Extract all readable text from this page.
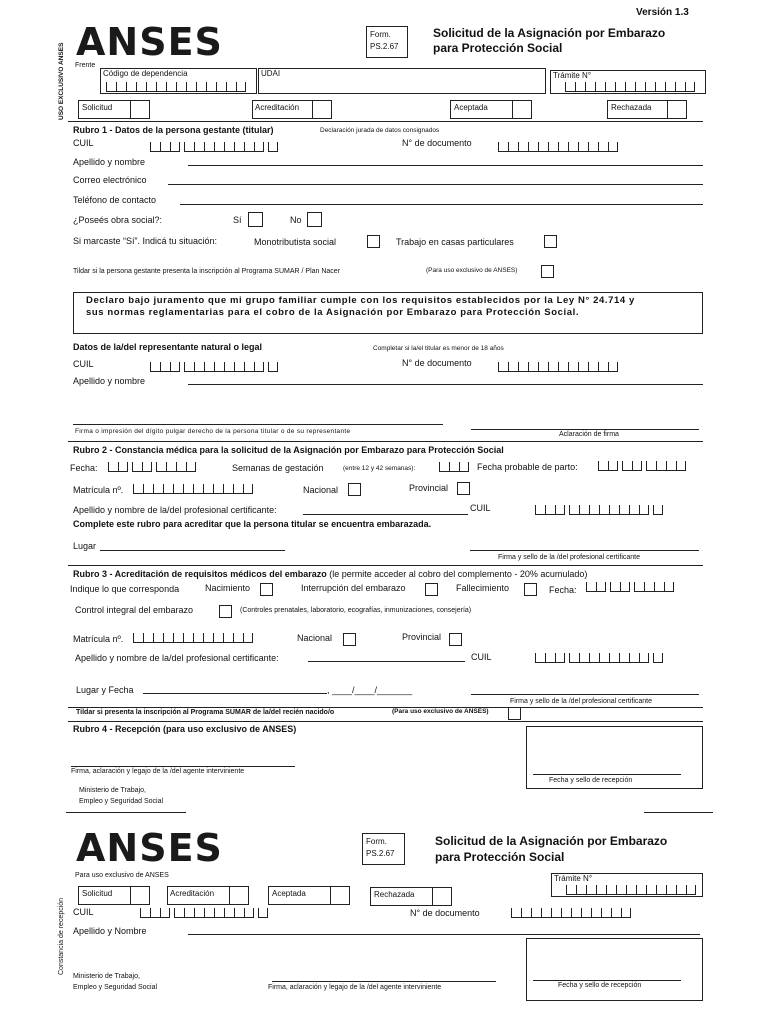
Versión 1.3
ANSES	Form.
PS.2.67
Solicitud de la Asignación por Embarazo
para Protección Social
USO EXCLUSIVO ANSES Frente
Código de dependencia	UDAI	Trámite N°
Solicitud	Acreditación	Aceptada	Rechazada
Rubro 1 - Datos de la persona gestante (titular)	Declaración jurada de datos consignados
CUIL	N° de documento
Apellido y nombre
Correo electrónico
Teléfono de contacto
¿Poseés obra social?:	Sí	No
Si marcaste “Sí”. Indicá tu situación:	Monotributista social	Trabajo en casas particulares
Tildar si la persona gestante presenta la inscripción al Programa SUMAR / Plan Nacer	(Para uso exclusivo de ANSES)
Declaro bajo juramento que mi grupo familiar cumple con los requisitos establecidos por la Ley N° 24.714 y sus normas reglamentarias para el cobro de la Asignación por Embarazo para Protección Social.
Datos de la/del representante natural o legal	Completar si la/el titular es menor de 18 años
CUIL	N° de documento
Apellido y nombre
Firma o impresión del dígito pulgar derecho de la persona titular o de su representante	Aclaración de firma
Rubro 2 - Constancia médica para la solicitud de la Asignación por Embarazo para Protección Social
Fecha:	Semanas de gestación	(entre 12 y 42 semanas):	Fecha probable de parto:
Matrícula nº.	Nacional	Provincial
Apellido y nombre de la/del profesional certificante:	CUIL
Complete este rubro para acreditar que la persona titular se encuentra embarazada.
Lugar
Firma y sello de la /del profesional certificante
Rubro 3 - Acreditación de requisitos médicos del embarazo (le permite acceder al cobro del complemento - 20% acumulado)
Indique lo que corresponda	Nacimiento	Interrupción del embarazo	Fallecimiento	Fecha:
Control integral del embarazo	(Controles prenatales, laboratorio, ecografías, inmunizaciones, consejería)
Matrícula nº.	Nacional	Provincial
Apellido y nombre de la/del profesional certificante:	CUIL
Lugar y Fecha	, ____/____/_______
Firma y sello de la /del profesional certificante
Tildar si presenta la inscripción al Programa SUMAR de la/del recién nacido/o	(Para uso exclusivo de ANSES)
Rubro 4 - Recepción (para uso exclusivo de ANSES)
Fecha y sello de recepción
Firma, aclaración y legajo de la /del agente interviniente
Ministerio de Trabajo,
Empleo y Seguridad Social
ANSES	Form.
PS.2.67
Solicitud de la Asignación por Embarazo
para Protección Social
Constancia de recepción
Para uso exclusivo de ANSES	Trámite N°
Solicitud	Acreditación	Aceptada	Rechazada
CUIL	N° de documento
Apellido y Nombre
Fecha y sello de recepción
Ministerio de Trabajo,
Empleo y Seguridad Social	Firma, aclaración y legajo de la /del agente interviniente
